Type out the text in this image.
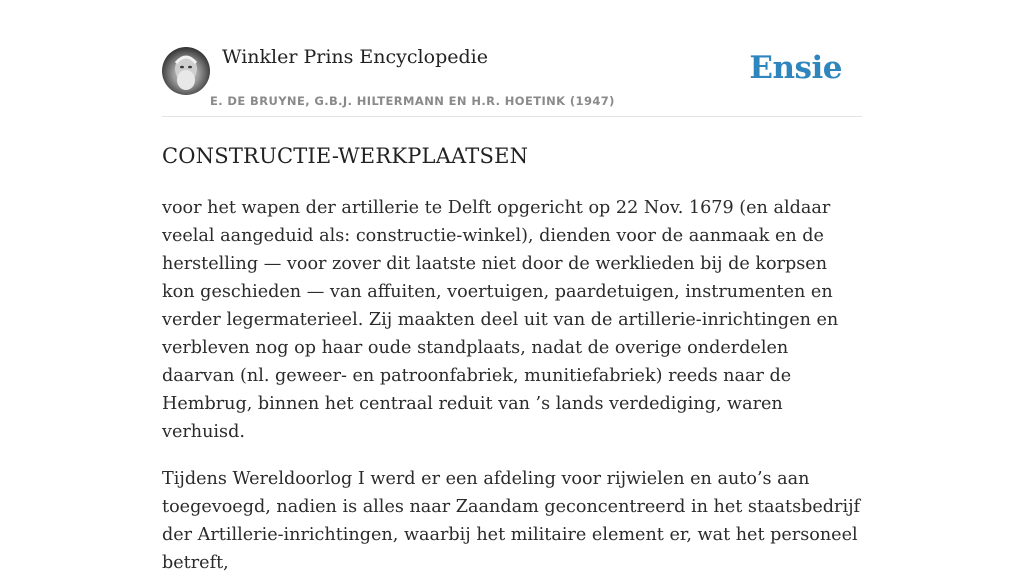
Winkler Prins Encyclopedie
E. DE BRUYNE, G.B.J. HILTERMANN EN H.R. HOETINK (1947)
Ensie
CONSTRUCTIE-WERKPLAATSEN

voor het wapen der artillerie te Delft opgericht op 22 Nov. 1679 (en aldaar veelal aangeduid als: constructie-winkel), dienden voor de aanmaak en de herstelling — voor zover dit laatste niet door de werklieden bij de korpsen kon geschieden — van affuiten, voertuigen, paardetuigen, instrumenten en verder legermaterieel. Zij maakten deel uit van de artillerie-inrichtingen en verbleven nog op haar oude standplaats, nadat de overige onderdelen daarvan (nl. geweer- en patroonfabriek, munitiefabriek) reeds naar de Hembrug, binnen het centraal reduit van ’s lands verdediging, waren verhuisd.

Tijdens Wereldoorlog I werd er een afdeling voor rijwielen en auto’s aan toegevoegd, nadien is alles naar Zaandam geconcentreerd in het staatsbedrijf der Artillerie-inrichtingen, waarbij het militaire element er, wat het personeel betreft,
